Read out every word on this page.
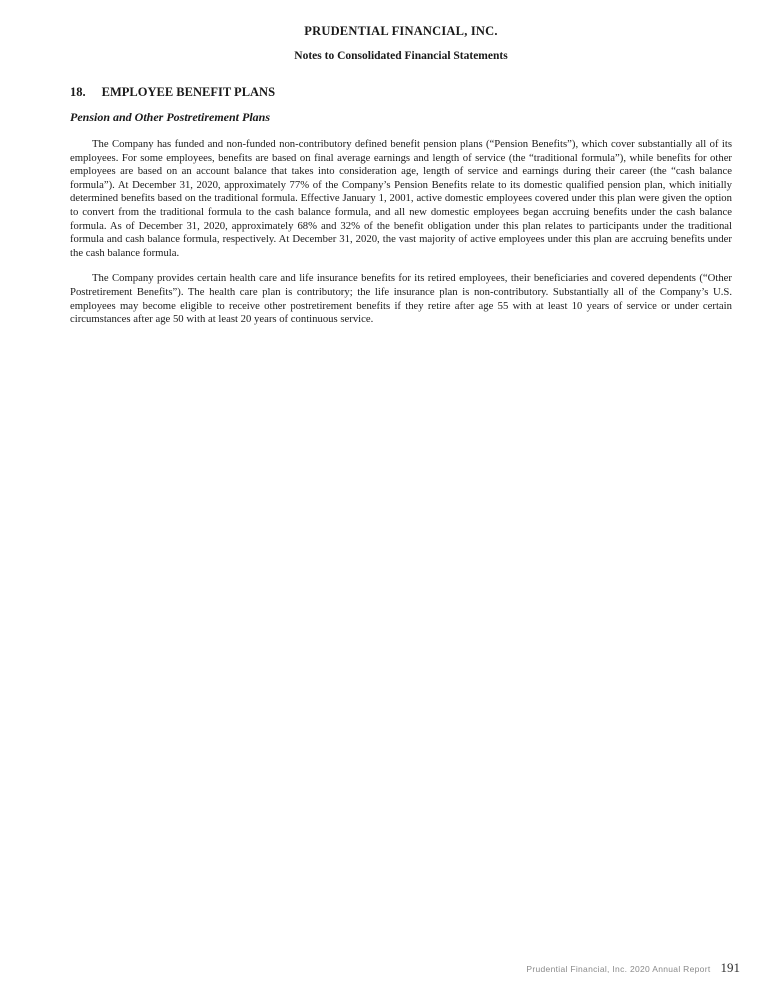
PRUDENTIAL FINANCIAL, INC.
Notes to Consolidated Financial Statements
18. EMPLOYEE BENEFIT PLANS
Pension and Other Postretirement Plans

The Company has funded and non-funded non-contributory defined benefit pension plans (“Pension Benefits”), which cover substantially all of its employees. For some employees, benefits are based on final average earnings and length of service (the “traditional formula”), while benefits for other employees are based on an account balance that takes into consideration age, length of service and earnings during their career (the “cash balance formula”). At December 31, 2020, approximately 77% of the Company’s Pension Benefits relate to its domestic qualified pension plan, which initially determined benefits based on the traditional formula. Effective January 1, 2001, active domestic employees covered under this plan were given the option to convert from the traditional formula to the cash balance formula, and all new domestic employees began accruing benefits under the cash balance formula. As of December 31, 2020, approximately 68% and 32% of the benefit obligation under this plan relates to participants under the traditional formula and cash balance formula, respectively. At December 31, 2020, the vast majority of active employees under this plan are accruing benefits under the cash balance formula.

The Company provides certain health care and life insurance benefits for its retired employees, their beneficiaries and covered dependents (“Other Postretirement Benefits”). The health care plan is contributory; the life insurance plan is non-contributory. Substantially all of the Company’s U.S. employees may become eligible to receive other postretirement benefits if they retire after age 55 with at least 10 years of service or under certain circumstances after age 50 with at least 20 years of continuous service.

Prudential Financial, Inc. 2020 Annual Report 191
